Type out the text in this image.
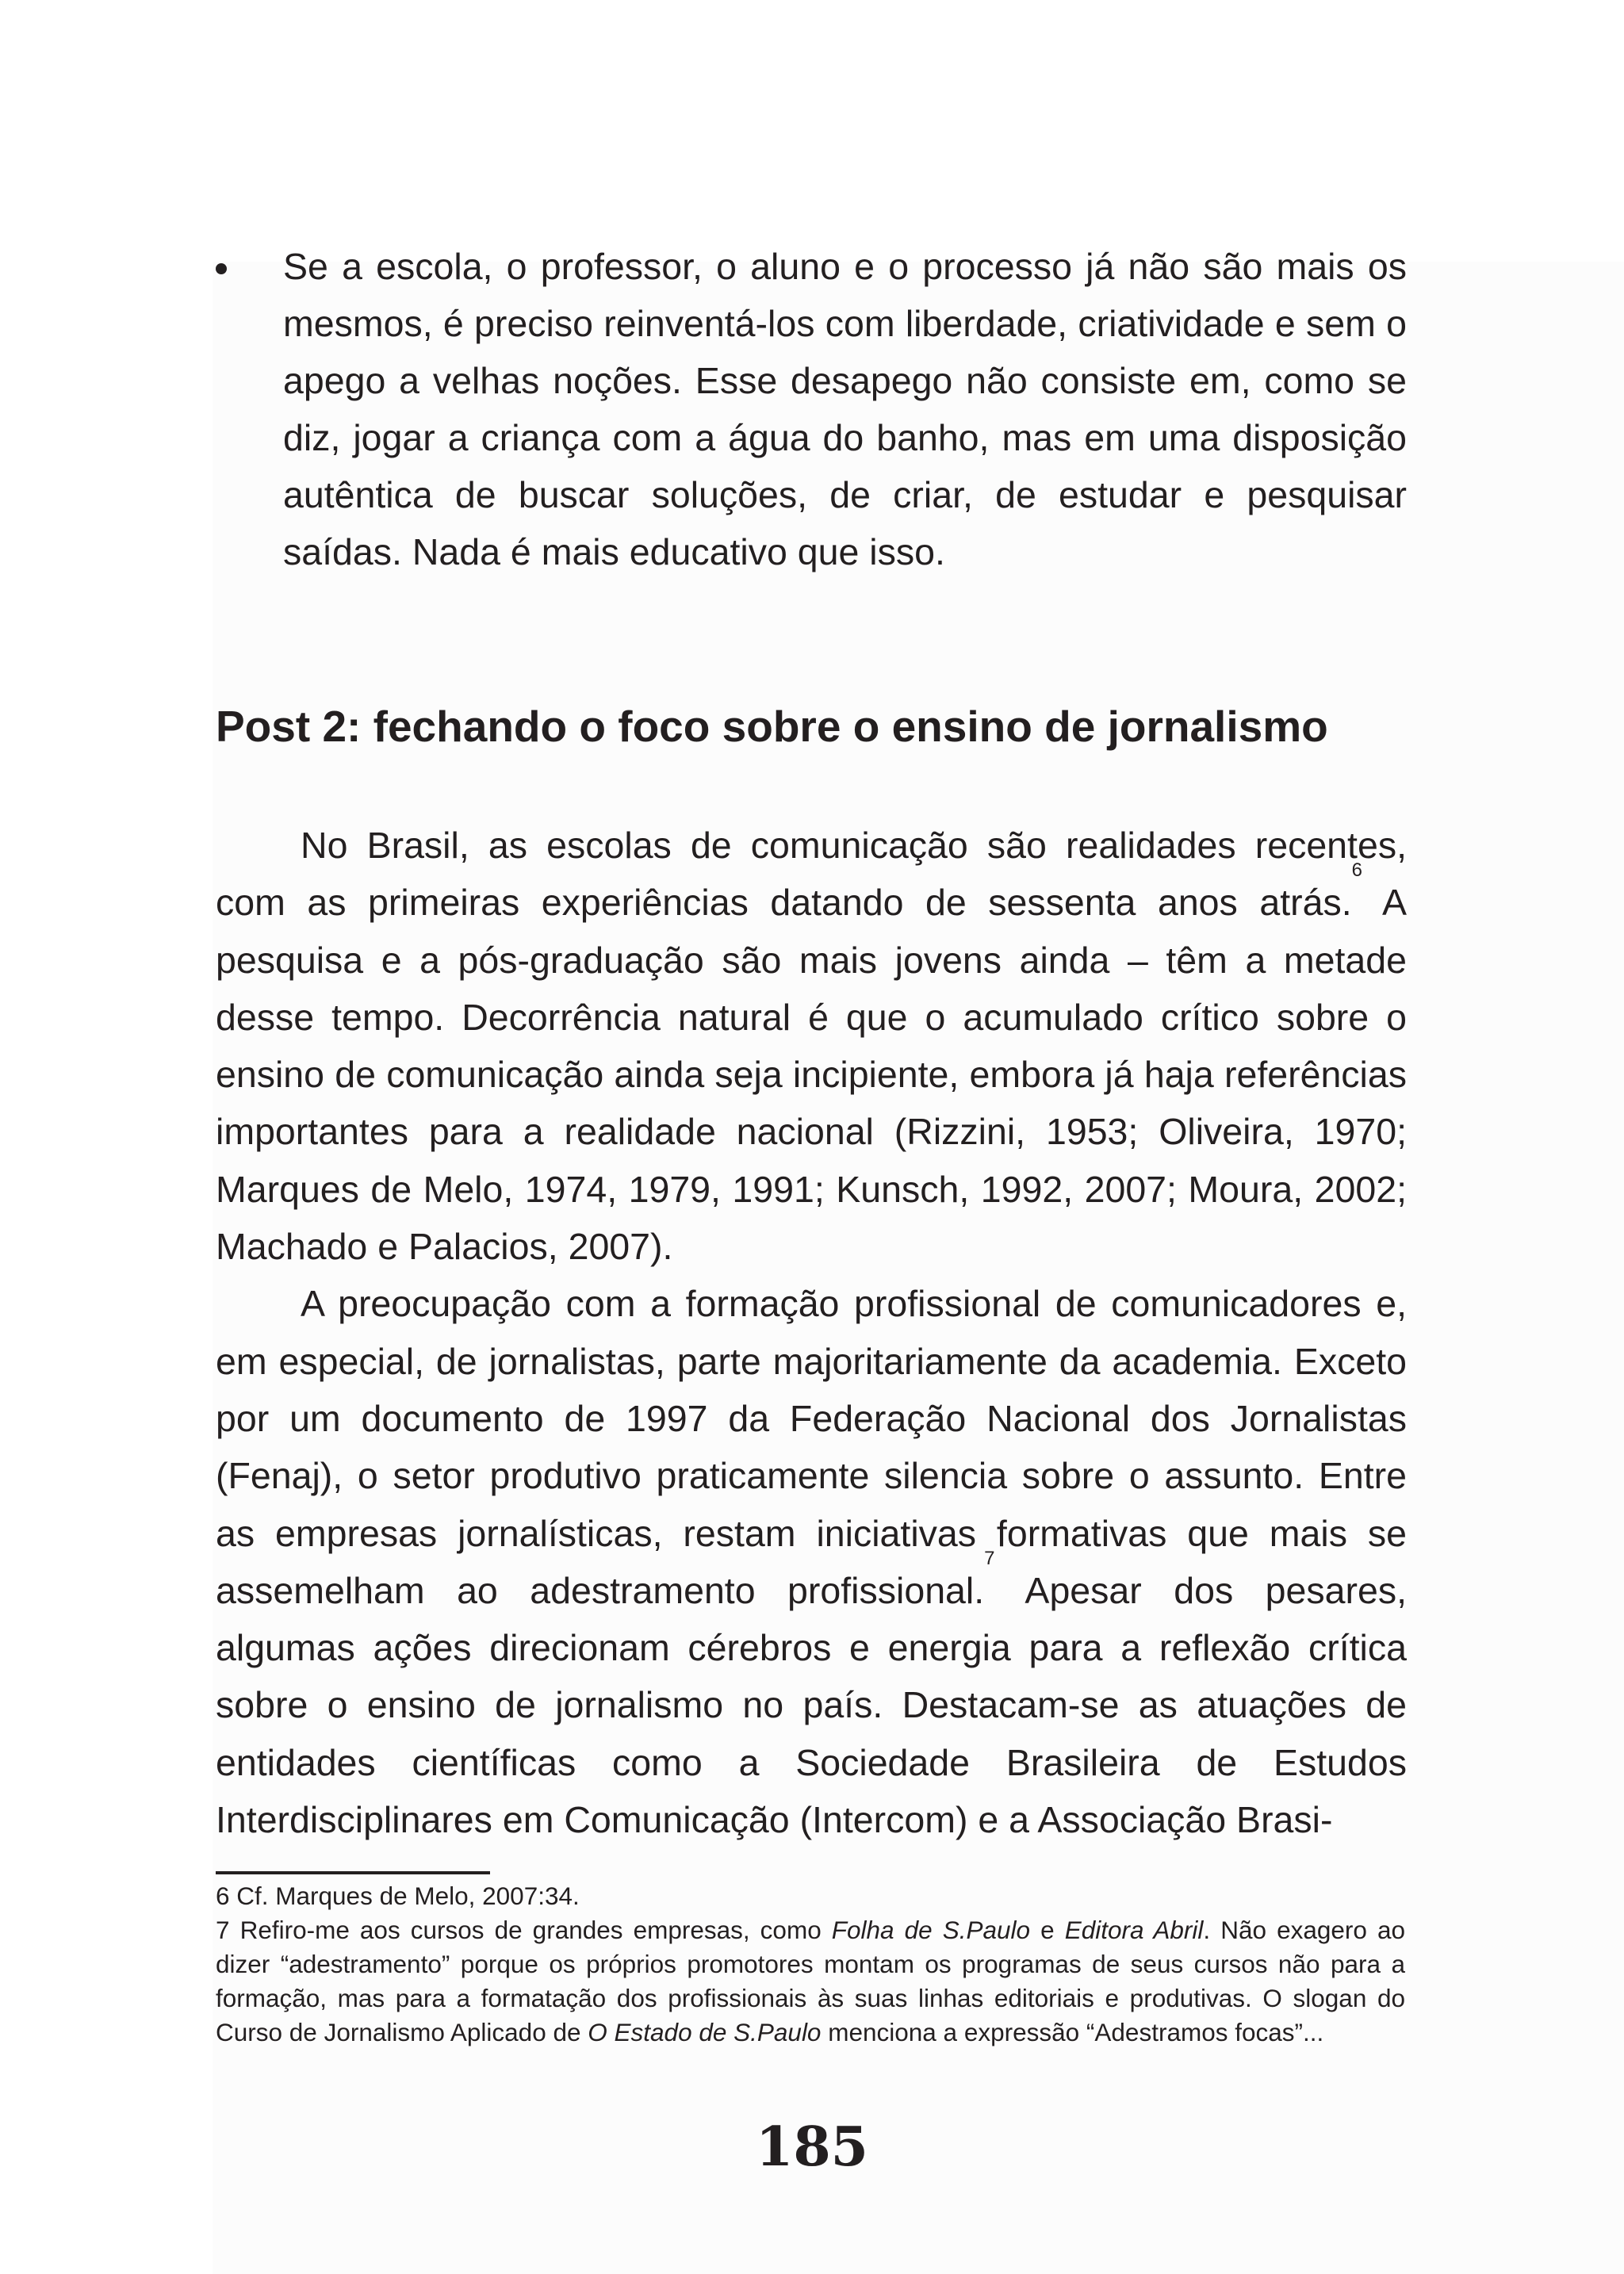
Se a escola, o professor, o aluno e o processo já não são mais os mesmos, é preciso reinventá-los com liberdade, criatividade e sem o apego a velhas noções. Esse desapego não consiste em, como se diz, jogar a criança com a água do banho, mas em uma disposição autêntica de buscar soluções, de criar, de estudar e pesquisar saídas. Nada é mais educativo que isso.
Post 2: fechando o foco sobre o ensino de jornalismo

No Brasil, as escolas de comunicação são realidades recentes, com as primeiras experiências datando de sessenta anos atrás.$^6$ A pesquisa e a pós-graduação são mais jovens ainda – têm a metade desse tempo. Decorrência natural é que o acumulado crítico sobre o ensino de comunicação ainda seja incipiente, embora já haja referências importantes para a realidade nacional (Rizzini, 1953; Oliveira, 1970; Marques de Melo, 1974, 1979, 1991; Kunsch, 1992, 2007; Moura, 2002; Machado e Palacios, 2007).

A preocupação com a formação profissional de comunicadores e, em especial, de jornalistas, parte majoritariamente da academia. Exceto por um documento de 1997 da Federação Nacional dos Jornalistas (Fenaj), o setor produtivo praticamente silencia sobre o assunto. Entre as empresas jornalísticas, restam iniciativas formativas que mais se assemelham ao adestramento profissional.$^7$ Apesar dos pesares, algumas ações direcionam cérebros e energia para a reflexão crítica sobre o ensino de jornalismo no país. Destacam-se as atuações de entidades científicas como a Sociedade Brasileira de Estudos Interdisciplinares em Comunicação (Intercom) e a Associação Brasi-

6 Cf. Marques de Melo, 2007:34.

7 Refiro-me aos cursos de grandes empresas, como Folha de S.Paulo e Editora Abril. Não exagero ao dizer “adestramento” porque os próprios promotores montam os programas de seus cursos não para a formação, mas para a formatação dos profissionais às suas linhas editoriais e produtivas. O slogan do Curso de Jornalismo Aplicado de O Estado de S.Paulo menciona a expressão “Adestramos focas”...

185
